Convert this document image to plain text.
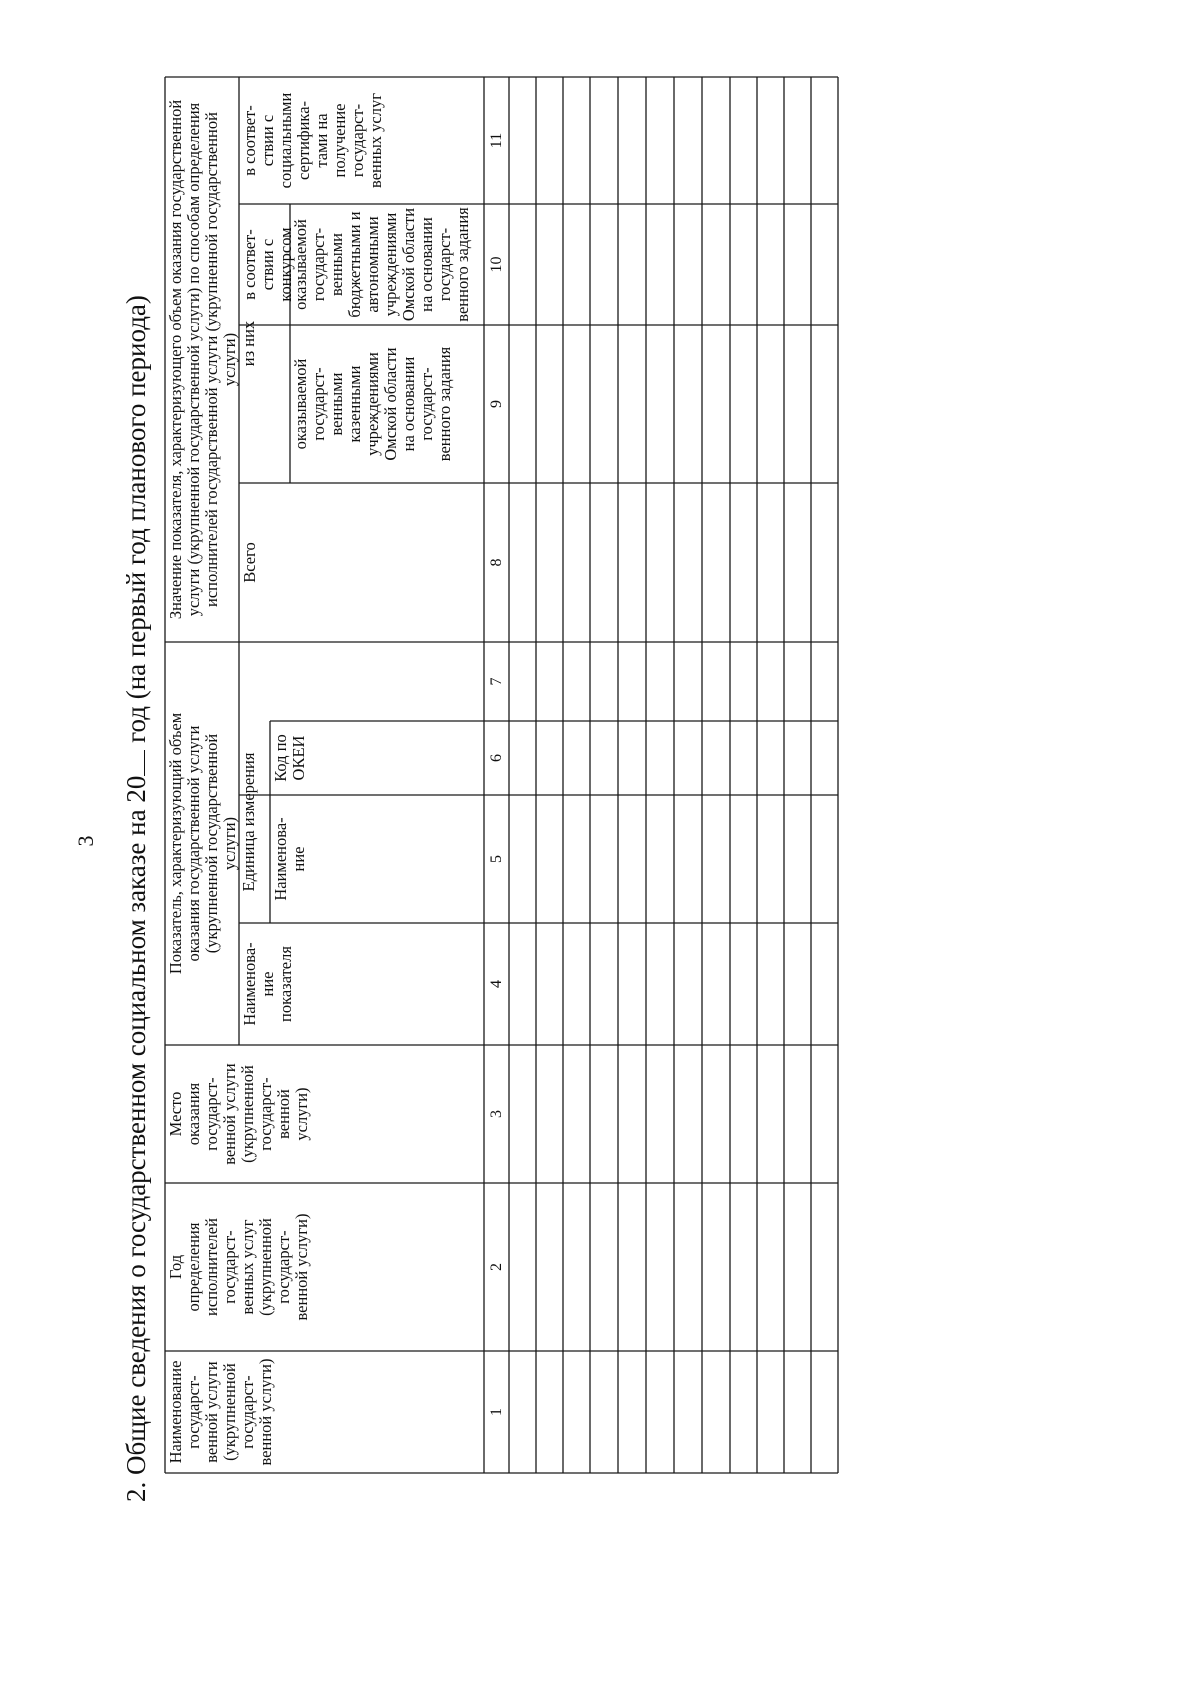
3 2. Общие сведения о государственном социальном заказе на 20 год (на первый год планового периода)
Наименование
государст-
венной услуги
(укрупненной
государст-
венной услуги)
Год
определения
исполнителей
государст-
венных услуг
(укрупненной
государст-
венной услуги)
Место
оказания
государст-
венной услуги
(укрупненной
государст-
венной
услуги)
Показатель, характеризующий объем
оказания государственной услуги
(укрупненной государственной
услуги)
Наименова-
ние
показателя
Единица измерения Наименова-
ние
Код по
ОКЕИ
Значение показателя, характеризующего объем оказания государственной
услуги (укрупненной государственной услуги) по способам определения
исполнителей государственной услуги (укрупненной государственной
услуги)
Всего
из них
оказываемой
государст-
венными
казенными
учреждениями
Омской области
на основании
государст-
венного задания
оказываемой
государст-
венными
бюджетными и
автономными
учреждениями
Омской области
на основании
государст-
венного задания
в соответ-
ствии с
конкурсом
в соответ-
ствии с
социальными
сертифика-
тами на
получение
государст-
венных услуг
1
2
3
4
5
6
7
8
9
10
11
